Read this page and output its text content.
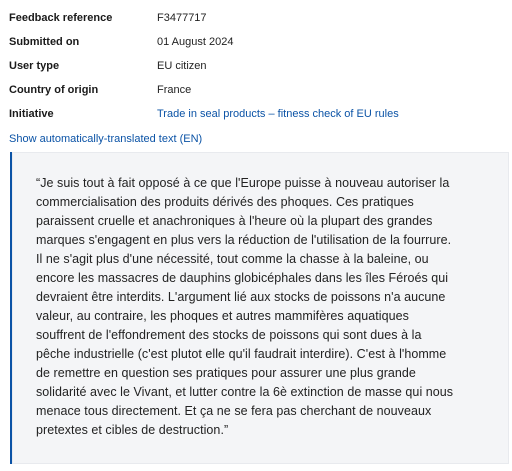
Feedback reference	F3477717
Submitted on	01 August 2024
User type	EU citizen
Country of origin	France
Initiative	Trade in seal products – fitness check of EU rules
Show automatically-translated text (EN)

“Je suis tout à fait opposé à ce que l'Europe puisse à nouveau autoriser la
commercialisation des produits dérivés des phoques. Ces pratiques
paraissent cruelle et anachroniques à l'heure où la plupart des grandes
marques s'engagent en plus vers la réduction de l'utilisation de la fourrure.
Il ne s'agit plus d'une nécessité, tout comme la chasse à la baleine, ou
encore les massacres de dauphins globicéphales dans les îles Féroés qui
devraient être interdits. L'argument lié aux stocks de poissons n'a aucune
valeur, au contraire, les phoques et autres mammifères aquatiques
souffrent de l'effondrement des stocks de poissons qui sont dues à la
pêche industrielle (c'est plutot elle qu'il faudrait interdire). C'est à l'homme
de remettre en question ses pratiques pour assurer une plus grande
solidarité avec le Vivant, et lutter contre la 6è extinction de masse qui nous
menace tous directement. Et ça ne se fera pas cherchant de nouveaux
pretextes et cibles de destruction.”
